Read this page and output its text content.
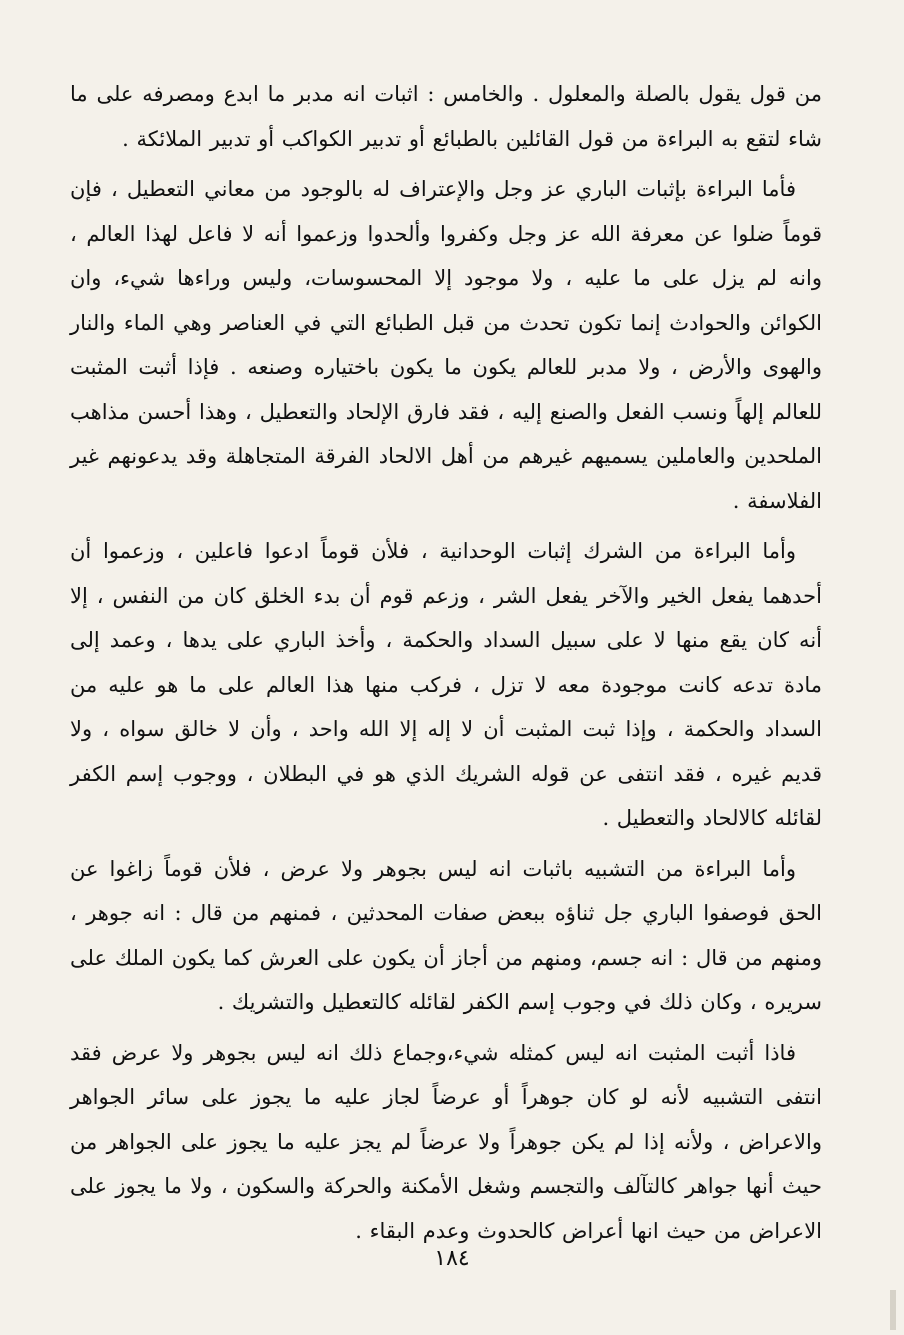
من قول يقول بالصلة والمعلول . والخامس : اثبات انه مدبر ما ابدع ومصرفه على ما شاء لتقع به البراءة من قول القائلين بالطبائع أو تدبير الكواكب أو تدبير الملائكة .

فأما البراءة بإثبات الباري عز وجل والإعتراف له بالوجود من معاني التعطيل ، فإن قوماً ضلوا عن معرفة الله عز وجل وكفروا وألحدوا وزعموا أنه لا فاعل لهذا العالم ، وانه لم يزل على ما عليه ، ولا موجود إلا المحسوسات، وليس وراءها شيء، وان الكوائن والحوادث إنما تكون تحدث من قبل الطبائع التي في العناصر وهي الماء والنار والهوى والأرض ، ولا مدبر للعالم يكون ما يكون باختياره وصنعه . فإذا أثبت المثبت للعالم إلهاً ونسب الفعل والصنع إليه ، فقد فارق الإلحاد والتعطيل ، وهذا أحسن مذاهب الملحدين والعاملين يسميهم غيرهم من أهل الالحاد الفرقة المتجاهلة وقد يدعونهم غير الفلاسفة .

وأما البراءة من الشرك إثبات الوحدانية ، فلأن قوماً ادعوا فاعلين ، وزعموا أن أحدهما يفعل الخير والآخر يفعل الشر ، وزعم قوم أن بدء الخلق كان من النفس ، إلا أنه كان يقع منها لا على سبيل السداد والحكمة ، وأخذ الباري على يدها ، وعمد إلى مادة تدعه كانت موجودة معه لا تزل ، فركب منها هذا العالم على ما هو عليه من السداد والحكمة ، وإذا ثبت المثبت أن لا إله إلا الله واحد ، وأن لا خالق سواه ، ولا قديم غيره ، فقد انتفى عن قوله الشريك الذي هو في البطلان ، ووجوب إسم الكفر لقائله كالالحاد والتعطيل .

وأما البراءة من التشبيه باثبات انه ليس بجوهر ولا عرض ، فلأن قوماً زاغوا عن الحق فوصفوا الباري جل ثناؤه ببعض صفات المحدثين ، فمنهم من قال : انه جوهر ، ومنهم من قال : انه جسم، ومنهم من أجاز أن يكون على العرش كما يكون الملك على سريره ، وكان ذلك في وجوب إسم الكفر لقائله كالتعطيل والتشريك .

فاذا أثبت المثبت انه ليس كمثله شيء،وجماع ذلك انه ليس بجوهر ولا عرض فقد انتفى التشبيه لأنه لو كان جوهراً أو عرضاً لجاز عليه ما يجوز على سائر الجواهر والاعراض ، ولأنه إذا لم يكن جوهراً ولا عرضاً لم يجز عليه ما يجوز على الجواهر من حيث أنها جواهر كالتآلف والتجسم وشغل الأمكنة والحركة والسكون ، ولا ما يجوز على الاعراض من حيث انها أعراض كالحدوث وعدم البقاء .

١٨٤
